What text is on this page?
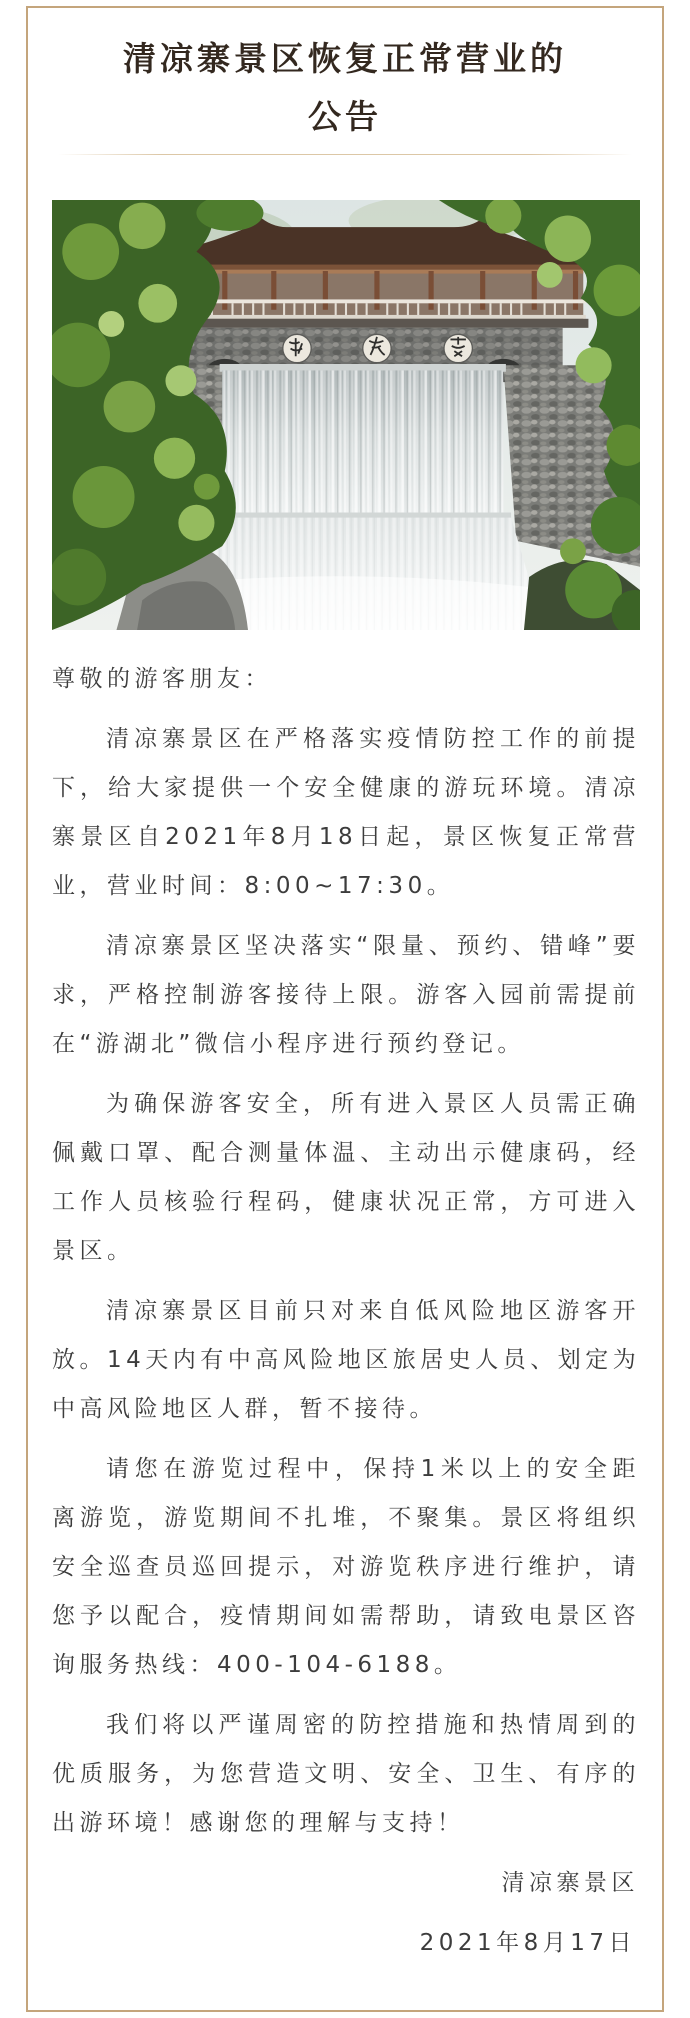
清凉寨景区恢复正常营业的
公告
尊敬的游客朋友：
清凉寨景区在严格落实疫情防控工作的前提
下，给大家提供一个安全健康的游玩环境。清凉
寨景区自2021年8月18日起，景区恢复正常营
业，营业时间：8:00~17:30。
清凉寨景区坚决落实“限量、预约、错峰”要
求，严格控制游客接待上限。游客入园前需提前
在“游湖北”微信小程序进行预约登记。
为确保游客安全，所有进入景区人员需正确
佩戴口罩、配合测量体温、主动出示健康码，经
工作人员核验行程码，健康状况正常，方可进入
景区。
清凉寨景区目前只对来自低风险地区游客开
放。14天内有中高风险地区旅居史人员、划定为
中高风险地区人群，暂不接待。
请您在游览过程中，保持1米以上的安全距
离游览，游览期间不扎堆，不聚集。景区将组织
安全巡查员巡回提示，对游览秩序进行维护，请
您予以配合，疫情期间如需帮助，请致电景区咨
询服务热线：400-104-6188。
我们将以严谨周密的防控措施和热情周到的
优质服务，为您营造文明、安全、卫生、有序的
出游环境！感谢您的理解与支持！
清凉寨景区
2021年8月17日
